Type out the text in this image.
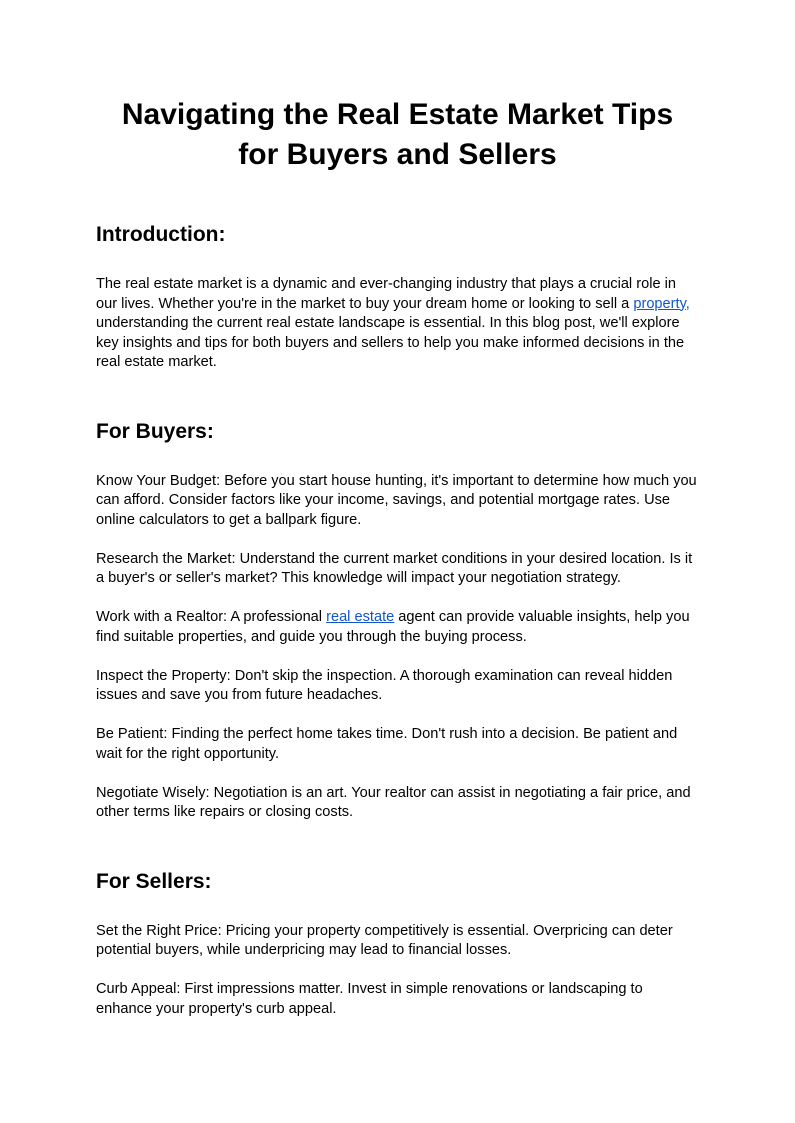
Navigating the Real Estate Market Tips for Buyers and Sellers
Introduction:

The real estate market is a dynamic and ever-changing industry that plays a crucial role in our lives. Whether you're in the market to buy your dream home or looking to sell a property, understanding the current real estate landscape is essential. In this blog post, we'll explore key insights and tips for both buyers and sellers to help you make informed decisions in the real estate market.

For Buyers:

Know Your Budget: Before you start house hunting, it's important to determine how much you can afford. Consider factors like your income, savings, and potential mortgage rates. Use online calculators to get a ballpark figure.

Research the Market: Understand the current market conditions in your desired location. Is it a buyer's or seller's market? This knowledge will impact your negotiation strategy.

Work with a Realtor: A professional real estate agent can provide valuable insights, help you find suitable properties, and guide you through the buying process.

Inspect the Property: Don't skip the inspection. A thorough examination can reveal hidden issues and save you from future headaches.

Be Patient: Finding the perfect home takes time. Don't rush into a decision. Be patient and wait for the right opportunity.

Negotiate Wisely: Negotiation is an art. Your realtor can assist in negotiating a fair price, and other terms like repairs or closing costs.

For Sellers:

Set the Right Price: Pricing your property competitively is essential. Overpricing can deter potential buyers, while underpricing may lead to financial losses.

Curb Appeal: First impressions matter. Invest in simple renovations or landscaping to enhance your property's curb appeal.
